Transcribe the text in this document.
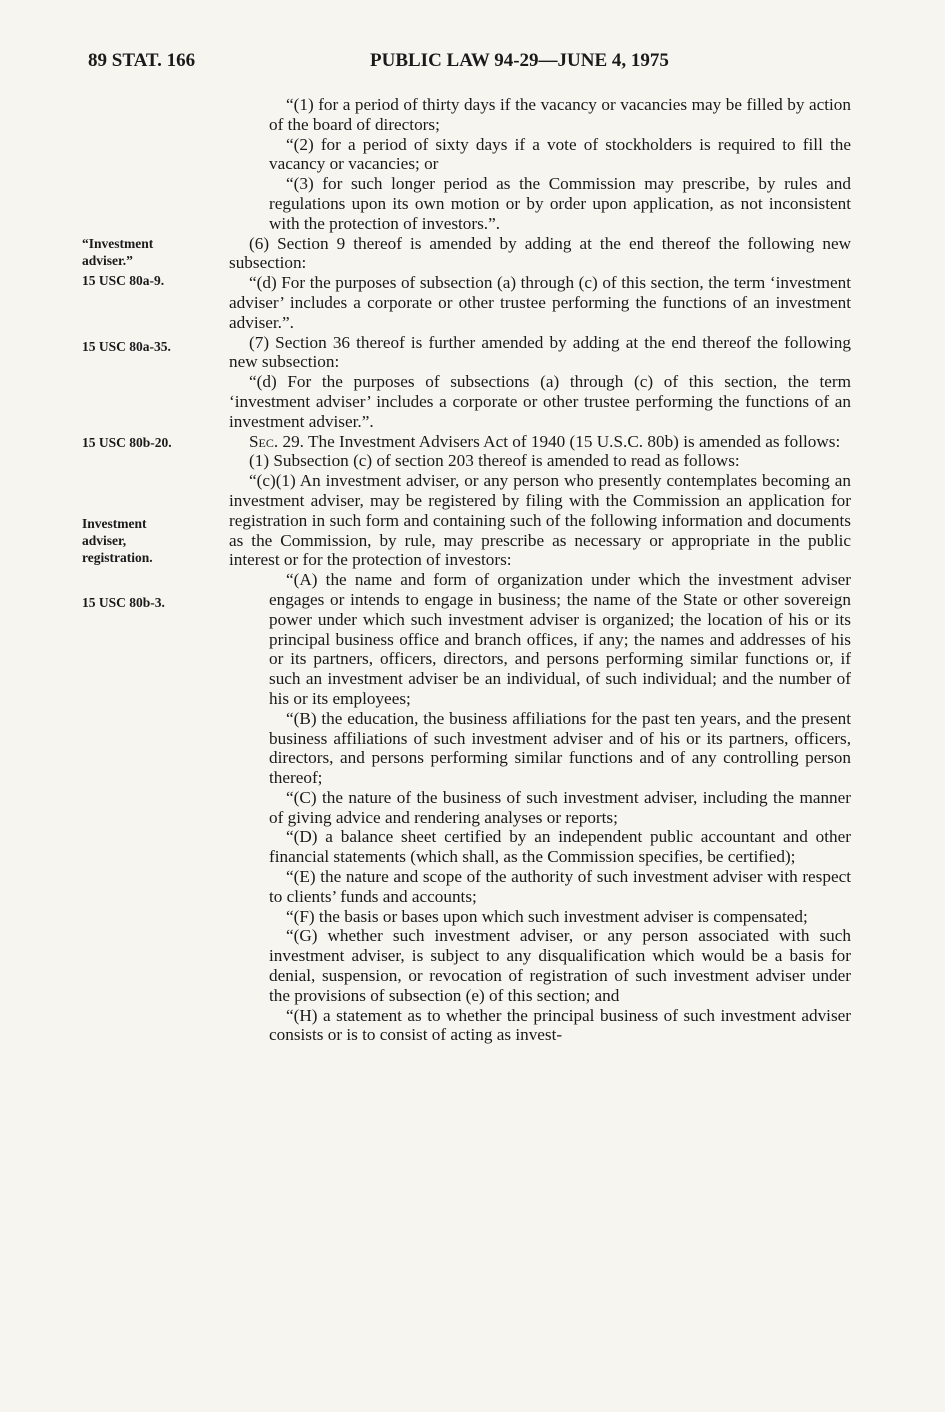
89 STAT. 166	PUBLIC LAW 94-29—JUNE 4, 1975
“Investment adviser.”
15 USC 80a-9.
15 USC 80a-35.
15 USC 80b-20.
Investment adviser, registration.
15 USC 80b-3.

“(1) for a period of thirty days if the vacancy or vacancies may be filled by action of the board of directors;

“(2) for a period of sixty days if a vote of stockholders is required to fill the vacancy or vacancies; or

“(3) for such longer period as the Commission may prescribe, by rules and regulations upon its own motion or by order upon application, as not inconsistent with the protection of investors.”.

(6) Section 9 thereof is amended by adding at the end thereof the following new subsection:

“(d) For the purposes of subsection (a) through (c) of this section, the term ‘investment adviser’ includes a corporate or other trustee performing the functions of an investment adviser.”.

(7) Section 36 thereof is further amended by adding at the end thereof the following new subsection:

“(d) For the purposes of subsections (a) through (c) of this section, the term ‘investment adviser’ includes a corporate or other trustee performing the functions of an investment adviser.”.

Sec. 29. The Investment Advisers Act of 1940 (15 U.S.C. 80b) is amended as follows:

(1) Subsection (c) of section 203 thereof is amended to read as follows:

“(c)(1) An investment adviser, or any person who presently contemplates becoming an investment adviser, may be registered by filing with the Commission an application for registration in such form and containing such of the following information and documents as the Commission, by rule, may prescribe as necessary or appropriate in the public interest or for the protection of investors:

“(A) the name and form of organization under which the investment adviser engages or intends to engage in business; the name of the State or other sovereign power under which such investment adviser is organized; the location of his or its principal business office and branch offices, if any; the names and addresses of his or its partners, officers, directors, and persons performing similar functions or, if such an investment adviser be an individual, of such individual; and the number of his or its employees;

“(B) the education, the business affiliations for the past ten years, and the present business affiliations of such investment adviser and of his or its partners, officers, directors, and persons performing similar functions and of any controlling person thereof;

“(C) the nature of the business of such investment adviser, including the manner of giving advice and rendering analyses or reports;

“(D) a balance sheet certified by an independent public accountant and other financial statements (which shall, as the Commission specifies, be certified);

“(E) the nature and scope of the authority of such investment adviser with respect to clients’ funds and accounts;

“(F) the basis or bases upon which such investment adviser is compensated;

“(G) whether such investment adviser, or any person associated with such investment adviser, is subject to any disqualification which would be a basis for denial, suspension, or revocation of registration of such investment adviser under the provisions of subsection (e) of this section; and

“(H) a statement as to whether the principal business of such investment adviser consists or is to consist of acting as invest-
